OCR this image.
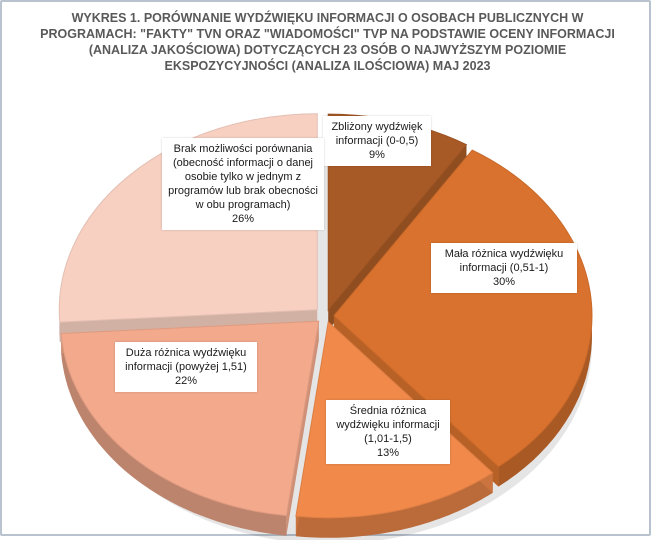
WYKRES 1. PORÓWNANIE WYDŹWIĘKU INFORMACJI O OSOBACH PUBLICZNYCH W PROGRAMACH: "FAKTY" TVN ORAZ "WIADOMOŚCI" TVP NA PODSTAWIE OCENY INFORMACJI (ANALIZA JAKOŚCIOWA) DOTYCZĄCYCH 23 OSÓB O NAJWYŻSZYM POZIOMIE EKSPOZYCYJNOŚCI (ANALIZA ILOŚCIOWA) MAJ 2023
Zbliżony wydźwięk informacji (0-0,5)
9%
Mała różnica wydźwięku informacji (0,51-1)
30%
Średnia różnica wydźwięku informacji (1,01-1,5)
13%
Duża różnica wydźwięku informacji (powyżej 1,51)
22%
Brak możliwości porównania (obecność informacji o danej osobie tylko w jednym z programów lub brak obecności w obu programach)
26%
